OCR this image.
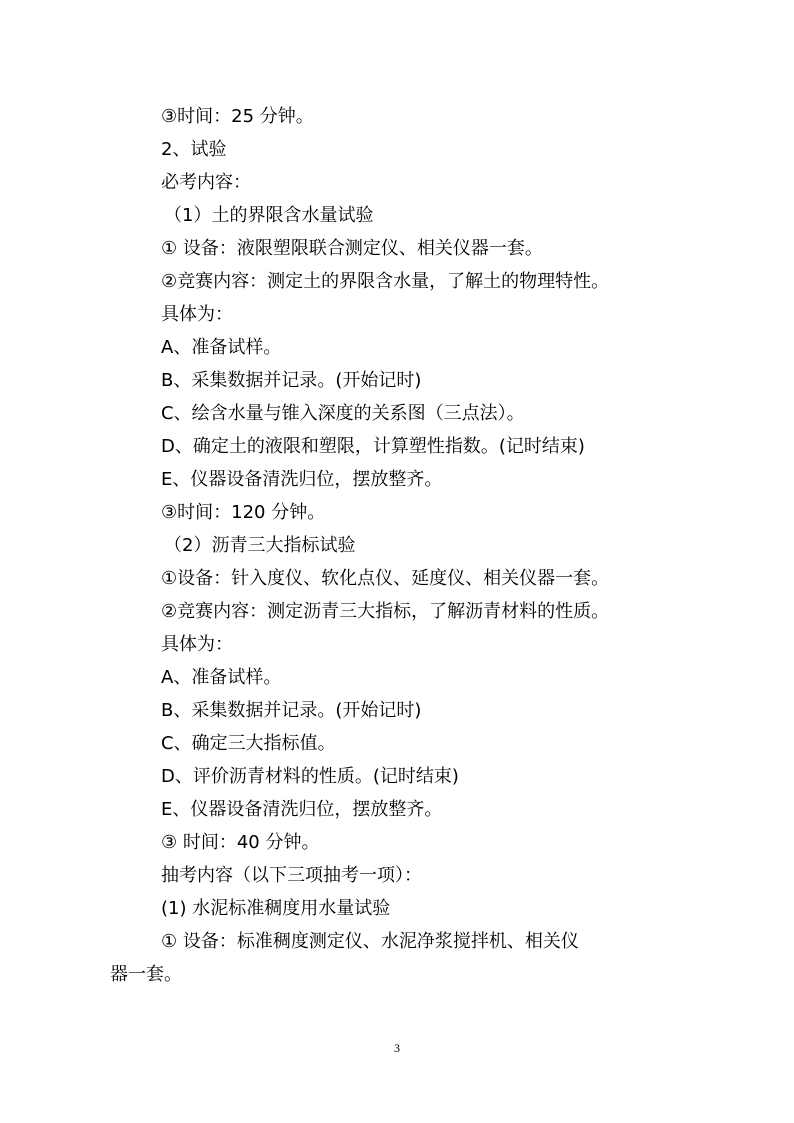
③时间：25 分钟。
2、试验
必考内容：
（1）土的界限含水量试验
① 设备：液限塑限联合测定仪、相关仪器一套。
②竞赛内容：测定土的界限含水量，了解土的物理特性。
具体为：
A、准备试样。
B、采集数据并记录。(开始记时)
C、绘含水量与锥入深度的关系图（三点法）。
D、确定土的液限和塑限，计算塑性指数。(记时结束)
E、仪器设备清洗归位，摆放整齐。
③时间：120 分钟。
（2）沥青三大指标试验
①设备：针入度仪、软化点仪、延度仪、相关仪器一套。
②竞赛内容：测定沥青三大指标，了解沥青材料的性质。
具体为：
A、准备试样。
B、采集数据并记录。(开始记时)
C、确定三大指标值。
D、评价沥青材料的性质。(记时结束)
E、仪器设备清洗归位，摆放整齐。
③ 时间：40 分钟。
抽考内容（以下三项抽考一项）：
(1) 水泥标准稠度用水量试验
① 设备：标准稠度测定仪、水泥净浆搅拌机、相关仪
器一套。
3
